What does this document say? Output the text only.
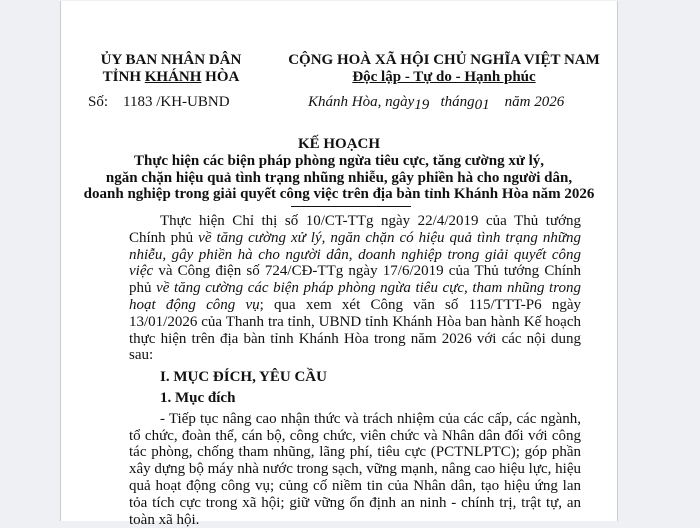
ỦY BAN NHÂN DÂN
TỈNH KHÁNH HÒA
Số: 1183 /KH-UBND
CỘNG HOÀ XÃ HỘI CHỦ NGHĨA VIỆT NAM
Độc lập - Tự do - Hạnh phúc
Khánh Hòa, ngày19 tháng01 năm 2026
KẾ HOẠCH
Thực hiện các biện pháp phòng ngừa tiêu cực, tăng cường xử lý,
ngăn chặn hiệu quả tình trạng nhũng nhiễu, gây phiền hà cho người dân,
doanh nghiệp trong giải quyết công việc trên địa bàn tỉnh Khánh Hòa năm 2026

Thực hiện Chỉ thị số 10/CT-TTg ngày 22/4/2019 của Thủ tướng Chính phủ về tăng cường xử lý, ngăn chặn có hiệu quả tình trạng những nhiễu, gây phiền hà cho người dân, doanh nghiệp trong giải quyết công việc và Công điện số 724/CĐ-TTg ngày 17/6/2019 của Thủ tướng Chính phủ về tăng cường các biện pháp phòng ngừa tiêu cực, tham nhũng trong hoạt động công vụ; qua xem xét Công văn số 115/TTT-P6 ngày 13/01/2026 của Thanh tra tỉnh, UBND tỉnh Khánh Hòa ban hành Kế hoạch thực hiện trên địa bàn tỉnh Khánh Hòa trong năm 2026 với các nội dung sau:

I. MỤC ĐÍCH, YÊU CẦU

1. Mục đích

- Tiếp tục nâng cao nhận thức và trách nhiệm của các cấp, các ngành, tổ chức, đoàn thể, cán bộ, công chức, viên chức và Nhân dân đối với công tác phòng, chống tham nhũng, lãng phí, tiêu cực (PCTNLPTC); góp phần xây dựng bộ máy nhà nước trong sạch, vững mạnh, nâng cao hiệu lực, hiệu quả hoạt động công vụ; củng cố niềm tin của Nhân dân, tạo hiệu ứng lan tỏa tích cực trong xã hội; giữ vững ổn định an ninh - chính trị, trật tự, an toàn xã hội.
